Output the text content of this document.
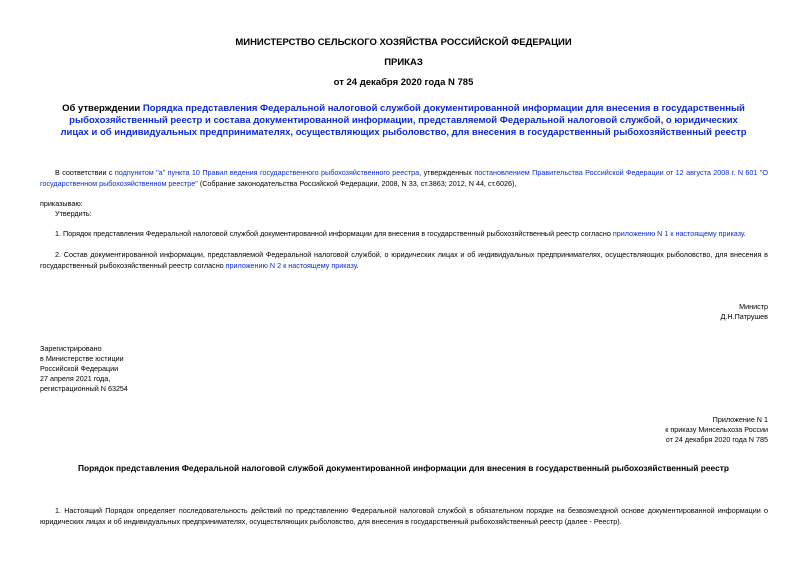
МИНИСТЕРСТВО СЕЛЬСКОГО ХОЗЯЙСТВА РОССИЙСКОЙ ФЕДЕРАЦИИ
ПРИКАЗ
от 24 декабря 2020 года N 785
Об утверждении Порядка представления Федеральной налоговой службой документированной информации для внесения в государственный рыбохозяйственный реестр и состава документированной информации, представляемой Федеральной налоговой службой, о юридических лицах и об индивидуальных предпринимателях, осуществляющих рыболовство, для внесения в государственный рыбохозяйственный реестр
В соответствии с подпунктом "а" пункта 10 Правил ведения государственного рыбохозяйственного реестра, утвержденных постановлением Правительства Российской Федерации от 12 августа 2008 г. N 601 "О государственном рыбохозяйственном реестре" (Собрание законодательства Российской Федерации, 2008, N 33, ст.3863; 2012, N 44, ст.6026),
приказываю:
Утвердить:
1. Порядок представления Федеральной налоговой службой документированной информации для внесения в государственный рыбохозяйственный реестр согласно приложению N 1 к настоящему приказу.
2. Состав документированной информации, представляемой Федеральной налоговой службой, о юридических лицах и об индивидуальных предпринимателях, осуществляющих рыболовство, для внесения в государственный рыбохозяйственный реестр согласно приложению N 2 к настоящему приказу.
Министр
Д.Н.Патрушев
Зарегистрировано
в Министерстве юстиции
Российской Федерации
27 апреля 2021 года,
регистрационный N 63254
Приложение N 1
к приказу Минсельхоза России
от 24 декабря 2020 года N 785
Порядок представления Федеральной налоговой службой документированной информации для внесения в государственный рыбохозяйственный реестр
1. Настоящий Порядок определяет последовательность действий по представлению Федеральной налоговой службой в обязательном порядке на безвозмездной основе документированной информации о юридических лицах и об индивидуальных предпринимателях, осуществляющих рыболовство, для внесения в государственный рыбохозяйственный реестр (далее - Реестр).
